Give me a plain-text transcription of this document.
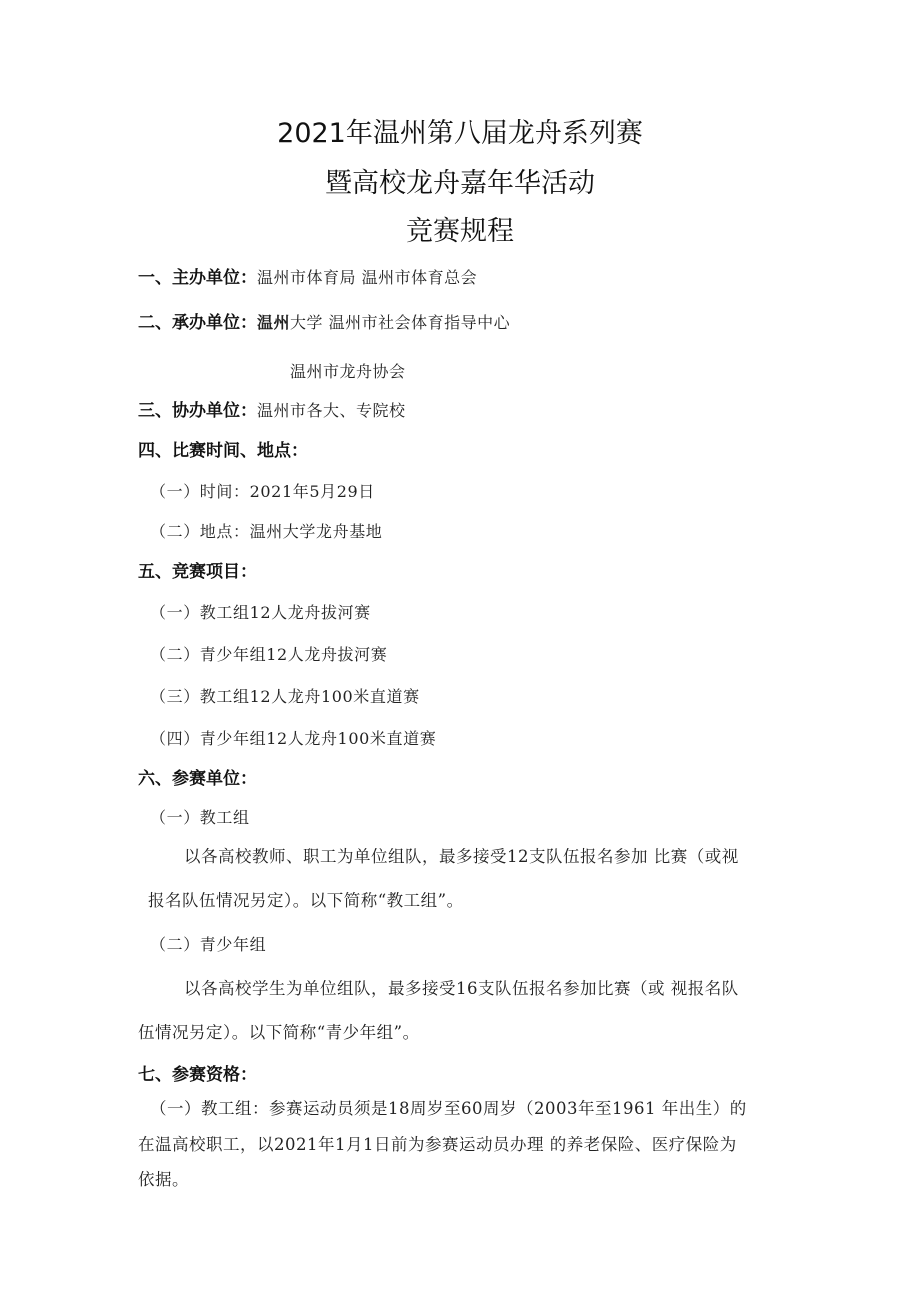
2021年温州第八届龙舟系列赛
暨高校龙舟嘉年华活动
竞赛规程
一、主办单位：温州市体育局 温州市体育总会
二、承办单位：温州大学 温州市社会体育指导中心
温州市龙舟协会
三、协办单位：温州市各大、专院校
四、比赛时间、地点：
（一）时间：2021年5月29日
（二）地点：温州大学龙舟基地
五、竞赛项目：
（一）教工组12人龙舟拔河赛
（二）青少年组12人龙舟拔河赛
（三）教工组12人龙舟100米直道赛
（四）青少年组12人龙舟100米直道赛
六、参赛单位：
（一）教工组
以各高校教师、职工为单位组队，最多接受12支队伍报名参加 比赛（或视
报名队伍情况另定）。以下简称“教工组”。
（二）青少年组
以各高校学生为单位组队，最多接受16支队伍报名参加比赛（或 视报名队
伍情况另定）。以下简称“青少年组”。
七、参赛资格：
（一）教工组：参赛运动员须是18周岁至60周岁（2003年至1961 年出生）的
在温高校职工，以2021年1月1日前为参赛运动员办理 的养老保险、医疗保险为
依据。
